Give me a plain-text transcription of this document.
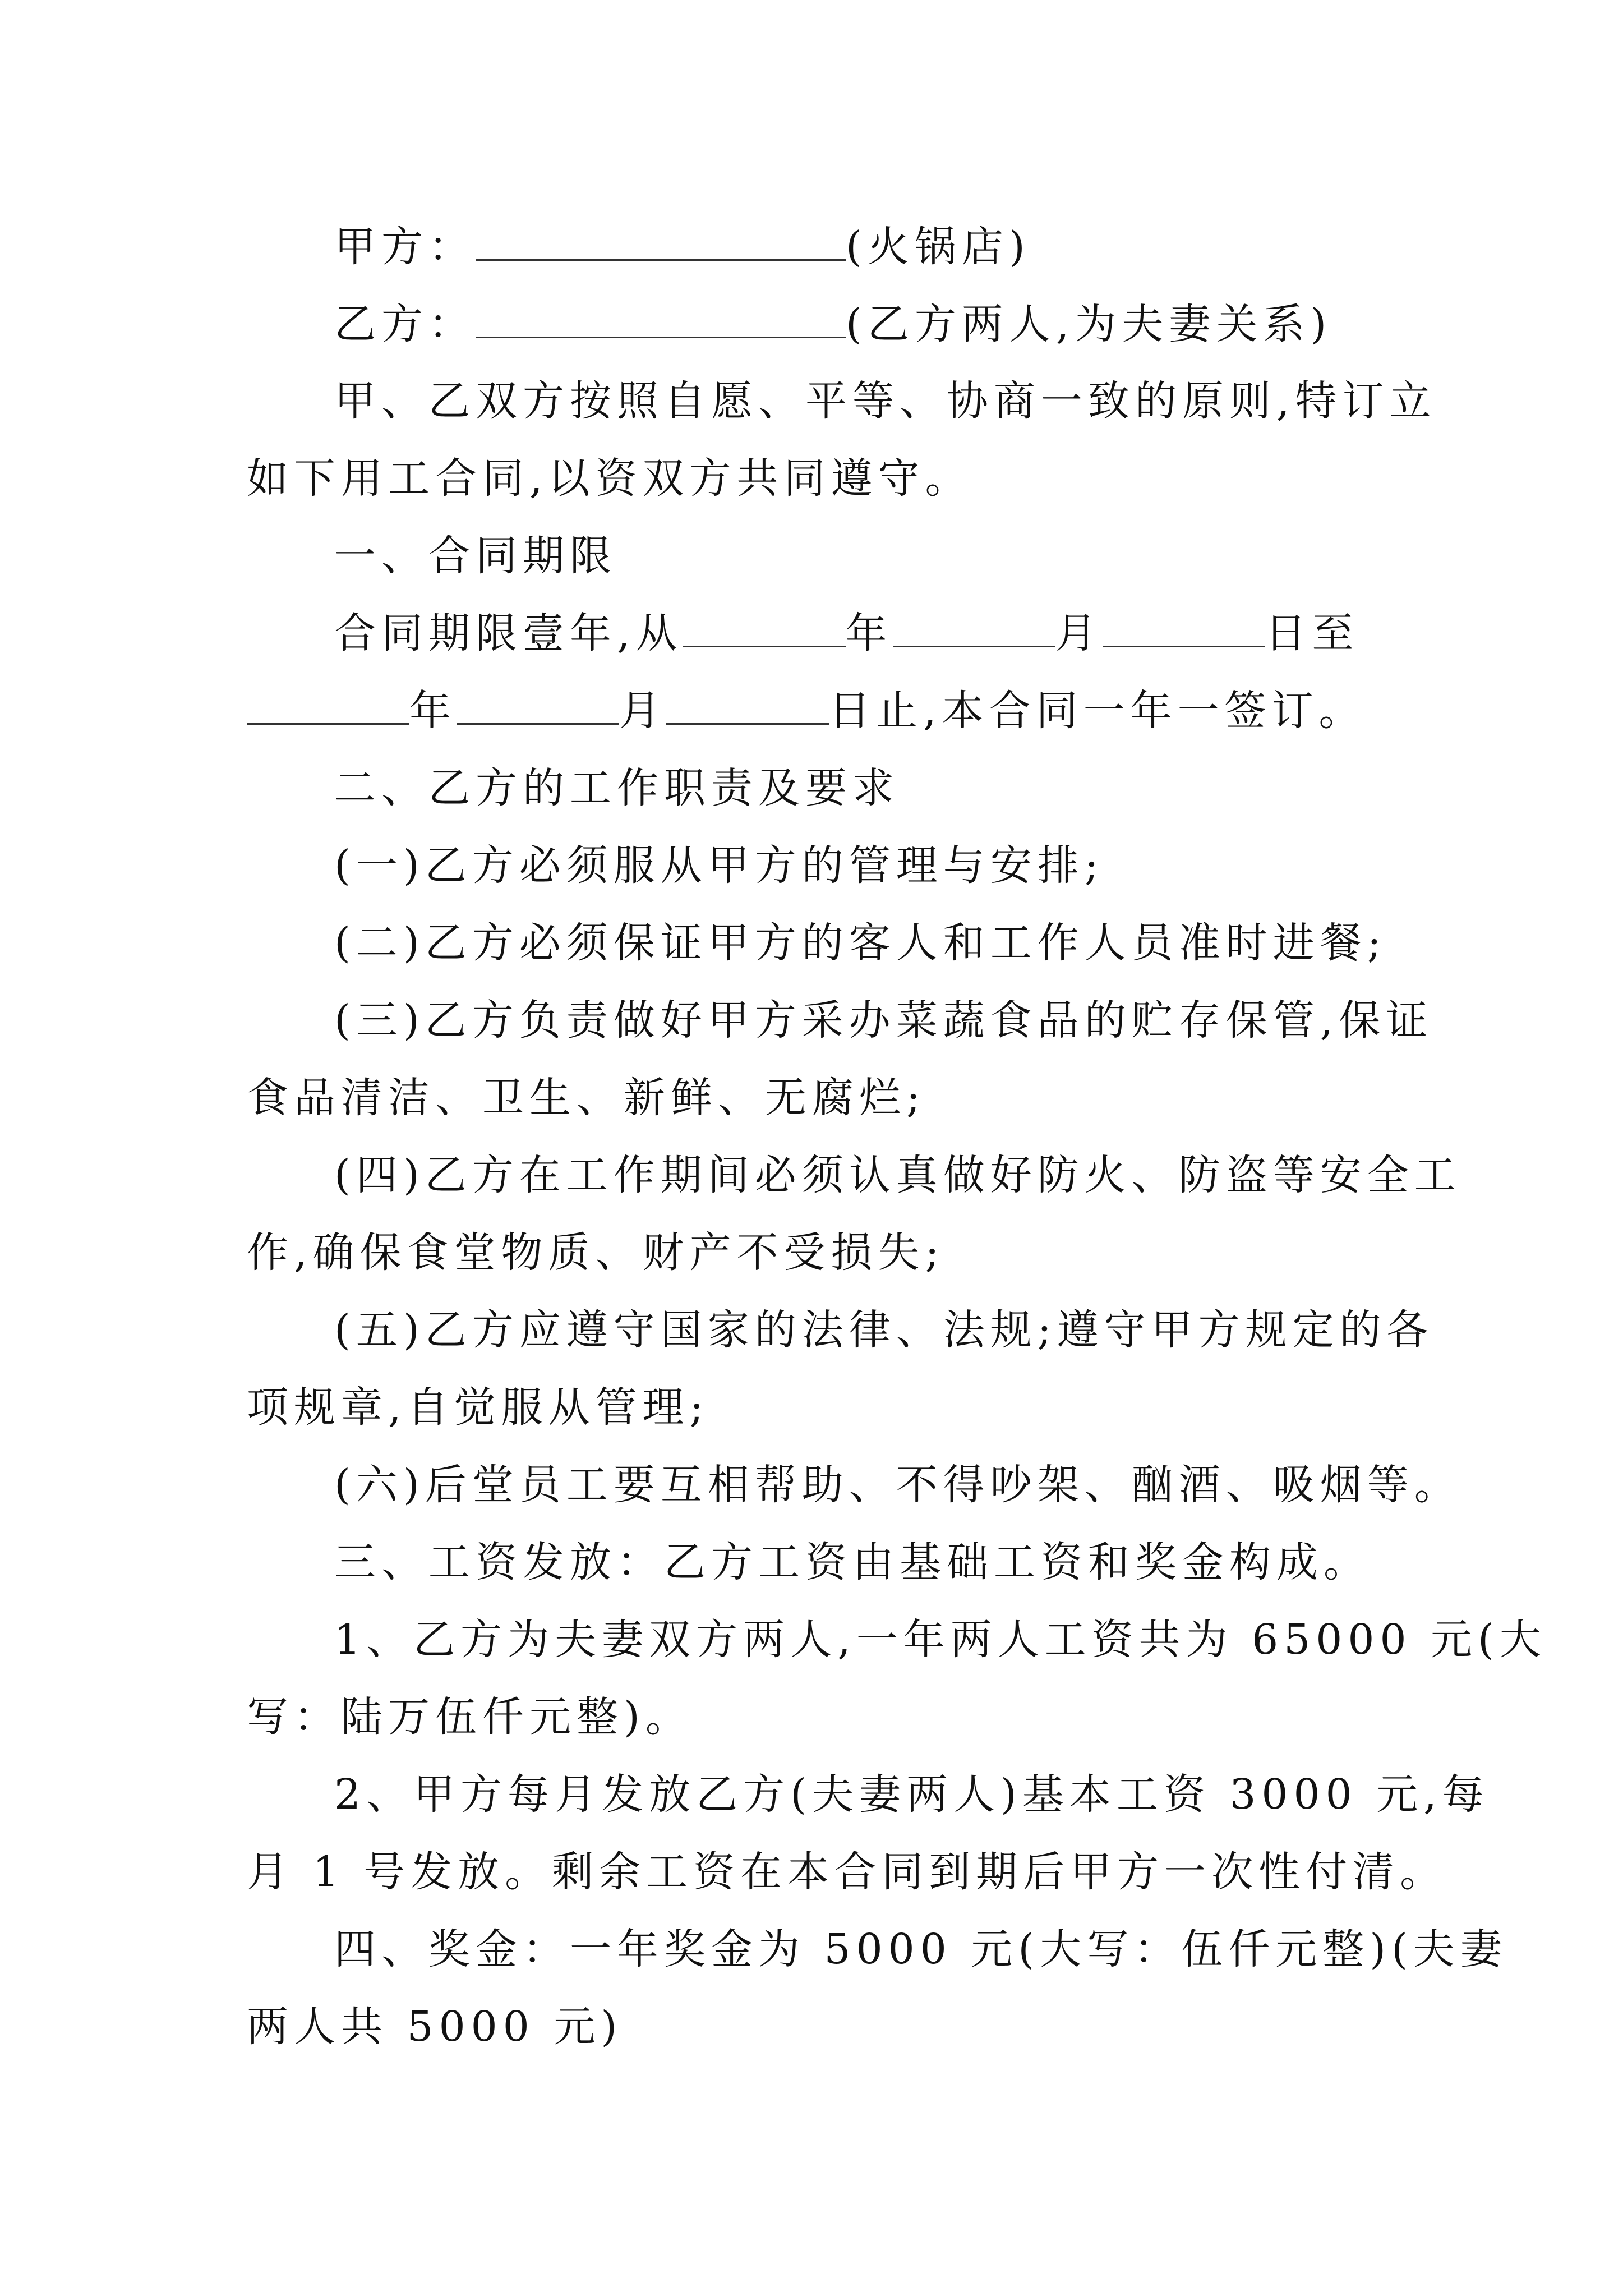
甲方：	(火锅店)
乙方：	(乙方两人,为夫妻关系)
甲、乙双方按照自愿、平等、协商一致的原则,特订立
如下用工合同,以资双方共同遵守。
一、合同期限
合同期限壹年,从	年	月	日至
年	月	日止,本合同一年一签订。
二、乙方的工作职责及要求
(一)乙方必须服从甲方的管理与安排;
(二)乙方必须保证甲方的客人和工作人员准时进餐;
(三)乙方负责做好甲方采办菜蔬食品的贮存保管,保证
食品清洁、卫生、新鲜、无腐烂;
(四)乙方在工作期间必须认真做好防火、防盗等安全工
作,确保食堂物质、财产不受损失;
(五)乙方应遵守国家的法律、法规;遵守甲方规定的各
项规章,自觉服从管理;
(六)后堂员工要互相帮助、不得吵架、酗酒、吸烟等。
三、工资发放：乙方工资由基础工资和奖金构成。
1、乙方为夫妻双方两人,一年两人工资共为 65000 元(大
写：陆万伍仟元整)。
2、甲方每月发放乙方(夫妻两人)基本工资 3000 元,每
月 1 号发放。剩余工资在本合同到期后甲方一次性付清。
四、奖金：一年奖金为 5000 元(大写：伍仟元整)(夫妻
两人共 5000 元)
